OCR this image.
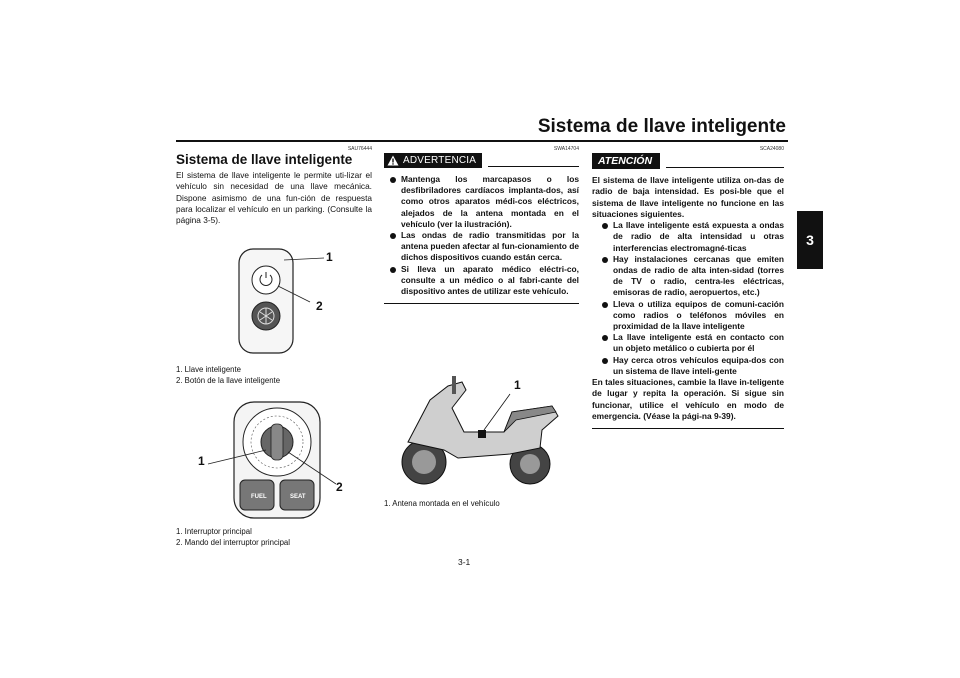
Sistema de llave inteligente
3
SAU76444
Sistema de llave inteligente
El sistema de llave inteligente le permite uti-lizar el vehículo sin necesidad de una llave mecánica. Dispone asimismo de una fun-ción de respuesta para localizar el vehículo en un parking. (Consulte la página 3-5).
1
2
1. Llave inteligente
2. Botón de la llave inteligente
FUEL	SEAT
1
2
1. Interruptor principal
2. Mando del interruptor principal
SWA14704
ADVERTENCIA
Mantenga los marcapasos o los desfibriladores cardíacos implanta-dos, así como otros aparatos médi-cos eléctricos, alejados de la antena montada en el vehículo (ver la ilustración).
Las ondas de radio transmitidas por la antena pueden afectar al fun-cionamiento de dichos dispositivos cuando están cerca.
Si lleva un aparato médico eléctri-co, consulte a un médico o al fabri-cante del dispositivo antes de utilizar este vehículo.
1
1. Antena montada en el vehículo
SCA24080
ATENCIÓN
El sistema de llave inteligente utiliza on-das de radio de baja intensidad. Es posi-ble que el sistema de llave inteligente no funcione en las situaciones siguientes.
La llave inteligente está expuesta a ondas de radio de alta intensidad u otras interferencias electromagné-ticas
Hay instalaciones cercanas que emiten ondas de radio de alta inten-sidad (torres de TV o radio, centra-les eléctricas, emisoras de radio, aeropuertos, etc.)
Lleva o utiliza equipos de comuni-cación como radios o teléfonos móviles en proximidad de la llave inteligente
La llave inteligente está en contacto con un objeto metálico o cubierta por él
Hay cerca otros vehículos equipa-dos con un sistema de llave inteli-gente
En tales situaciones, cambie la llave in-teligente de lugar y repita la operación. Si sigue sin funcionar, utilice el vehículo en modo de emergencia. (Véase la pági-na 9-39).
3-1
